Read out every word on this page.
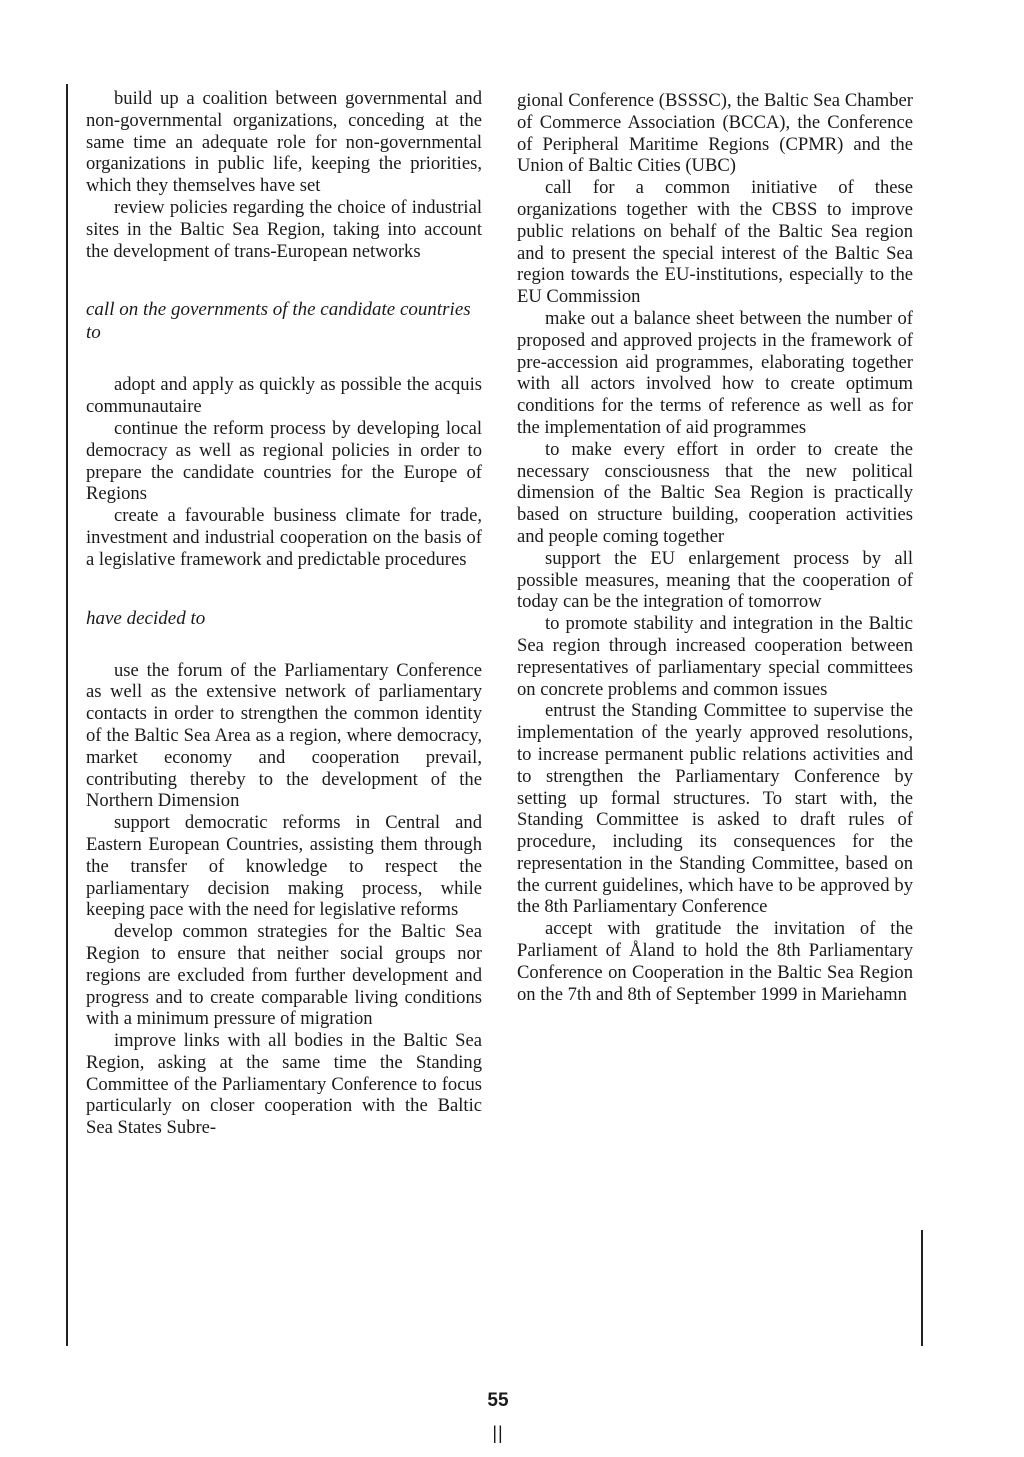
build up a coalition between governmental and non-governmental organizations, conceding at the same time an adequate role for non-governmental organizations in public life, keeping the priorities, which they themselves have set

review policies regarding the choice of industrial sites in the Baltic Sea Region, taking into account the development of trans-European networks

call on the governments of the candidate countries to

adopt and apply as quickly as possible the acquis communautaire

continue the reform process by developing local democracy as well as regional policies in order to prepare the candidate countries for the Europe of Regions

create a favourable business climate for trade, investment and industrial cooperation on the basis of a legislative framework and predictable procedures

have decided to

use the forum of the Parliamentary Conference as well as the extensive network of parliamentary contacts in order to strengthen the common identity of the Baltic Sea Area as a region, where democracy, market economy and cooperation prevail, contributing thereby to the development of the Northern Dimension

support democratic reforms in Central and Eastern European Countries, assisting them through the transfer of knowledge to respect the parliamentary decision making process, while keeping pace with the need for legislative reforms

develop common strategies for the Baltic Sea Region to ensure that neither social groups nor regions are excluded from further development and progress and to create comparable living conditions with a minimum pressure of migration

improve links with all bodies in the Baltic Sea Region, asking at the same time the Standing Committee of the Parliamentary Conference to focus particularly on closer cooperation with the Baltic Sea States Subre-

gional Conference (BSSSC), the Baltic Sea Chamber of Commerce Association (BCCA), the Conference of Peripheral Maritime Regions (CPMR) and the Union of Baltic Cities (UBC)

call for a common initiative of these organizations together with the CBSS to improve public relations on behalf of the Baltic Sea region and to present the special interest of the Baltic Sea region towards the EU-institutions, especially to the EU Commission

make out a balance sheet between the number of proposed and approved projects in the framework of pre-accession aid programmes, elaborating together with all actors involved how to create optimum conditions for the terms of reference as well as for the implementation of aid programmes

to make every effort in order to create the necessary consciousness that the new political dimension of the Baltic Sea Region is practically based on structure building, cooperation activities and people coming together

support the EU enlargement process by all possible measures, meaning that the cooperation of today can be the integration of tomorrow

to promote stability and integration in the Baltic Sea region through increased cooperation between representatives of parliamentary special committees on concrete problems and common issues

entrust the Standing Committee to supervise the implementation of the yearly approved resolutions, to increase permanent public relations activities and to strengthen the Parliamentary Conference by setting up formal structures. To start with, the Standing Committee is asked to draft rules of procedure, including its consequences for the representation in the Standing Committee, based on the current guidelines, which have to be approved by the 8th Parliamentary Conference

accept with gratitude the invitation of the Parliament of Åland to hold the 8th Parliamentary Conference on Cooperation in the Baltic Sea Region on the 7th and 8th of September 1999 in Mariehamn

55
||
